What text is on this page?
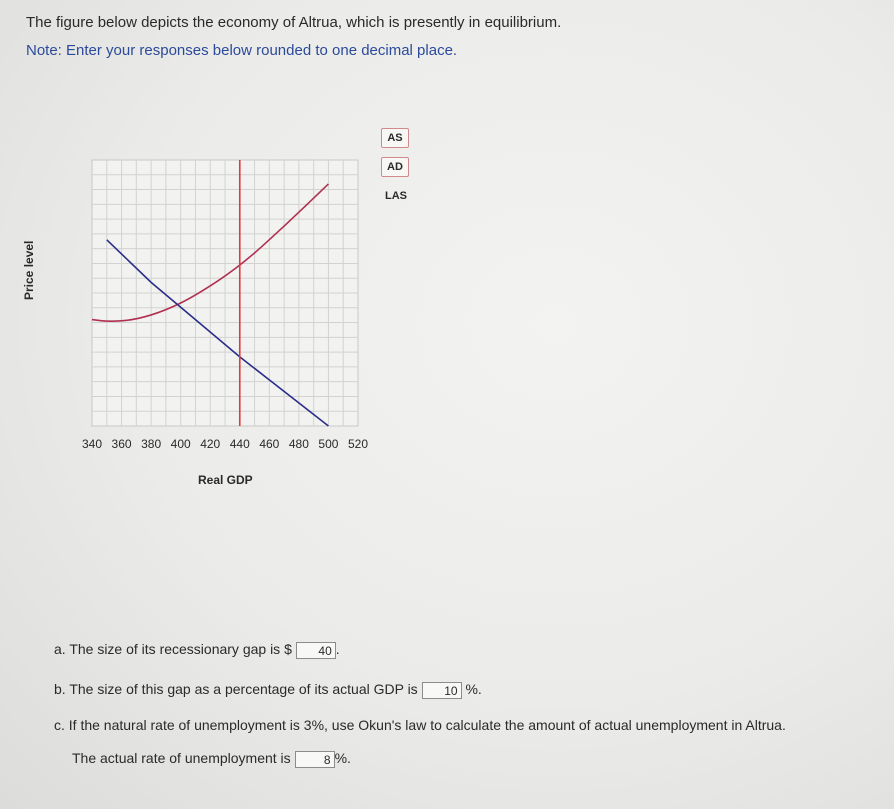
The figure below depicts the economy of Altrua, which is presently in equilibrium.
Note: Enter your responses below rounded to one decimal place.
340 360 380 400 420 440 460 480 500 520
AS
AD
LAS
Price level
Real GDP
a. The size of its recessionary gap is $ 40 .
b. The size of this gap as a percentage of its actual GDP is 10 %.
c. If the natural rate of unemployment is 3%, use Okun's law to calculate the amount of actual unemployment in Altrua.
The actual rate of unemployment is	8 %.
